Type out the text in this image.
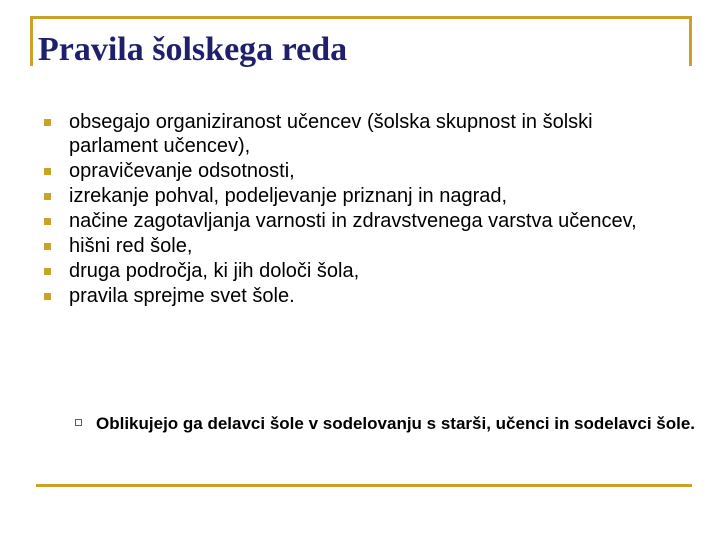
Pravila šolskega reda
obsegajo organiziranost učencev (šolska skupnost in šolski parlament učencev),
opravičevanje odsotnosti,
izrekanje pohval, podeljevanje priznanj in nagrad,
načine zagotavljanja varnosti in zdravstvenega varstva učencev,
hišni red šole,
druga področja, ki jih določi šola,
pravila sprejme svet šole.
Oblikujejo ga delavci šole v sodelovanju s starši, učenci in sodelavci šole.
